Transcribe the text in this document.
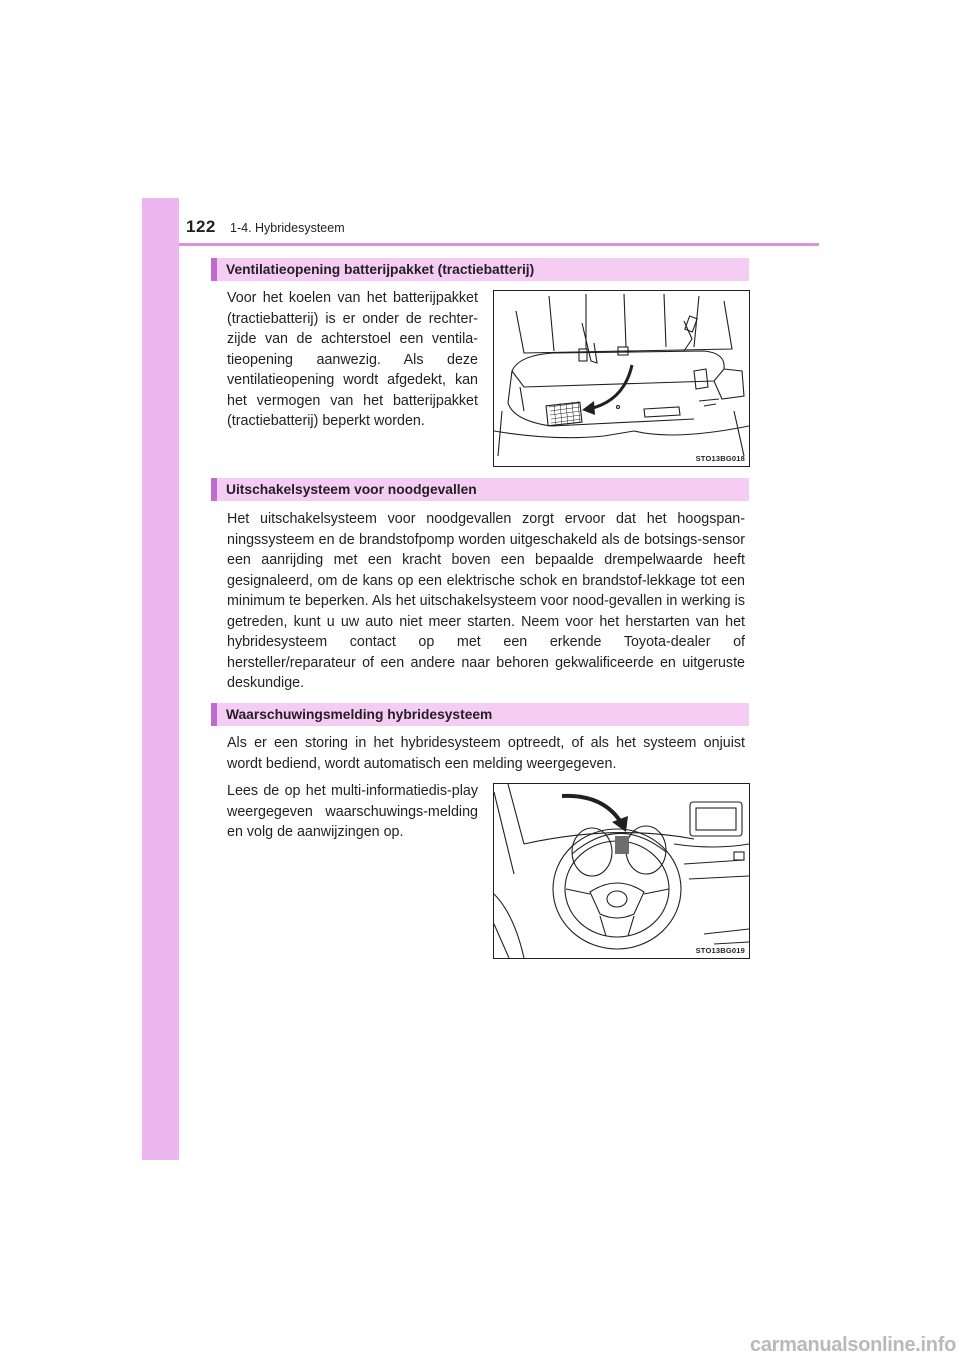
122 1-4. Hybridesysteem
Ventilatieopening batterijpakket (tractiebatterij)
Voor het koelen van het batterijpakket (tractiebatterij) is er onder de rechter-zijde van de achterstoel een ventila-tieopening aanwezig. Als deze ventilatieopening wordt afgedekt, kan het vermogen van het batterijpakket (tractiebatterij) beperkt worden.
STO13BG018
Uitschakelsysteem voor noodgevallen
Het uitschakelsysteem voor noodgevallen zorgt ervoor dat het hoogspan-ningssysteem en de brandstofpomp worden uitgeschakeld als de botsings-sensor een aanrijding met een kracht boven een bepaalde drempelwaarde heeft gesignaleerd, om de kans op een elektrische schok en brandstof-lekkage tot een minimum te beperken. Als het uitschakelsysteem voor nood-gevallen in werking is getreden, kunt u uw auto niet meer starten. Neem voor het herstarten van het hybridesysteem contact op met een erkende Toyota-dealer of hersteller/reparateur of een andere naar behoren gekwalificeerde en uitgeruste deskundige.
Waarschuwingsmelding hybridesysteem
Als er een storing in het hybridesysteem optreedt, of als het systeem onjuist wordt bediend, wordt automatisch een melding weergegeven.
Lees de op het multi-informatiedis-play weergegeven waarschuwings-melding en volg de aanwijzingen op.
STO13BG019
carmanualsonline.info
